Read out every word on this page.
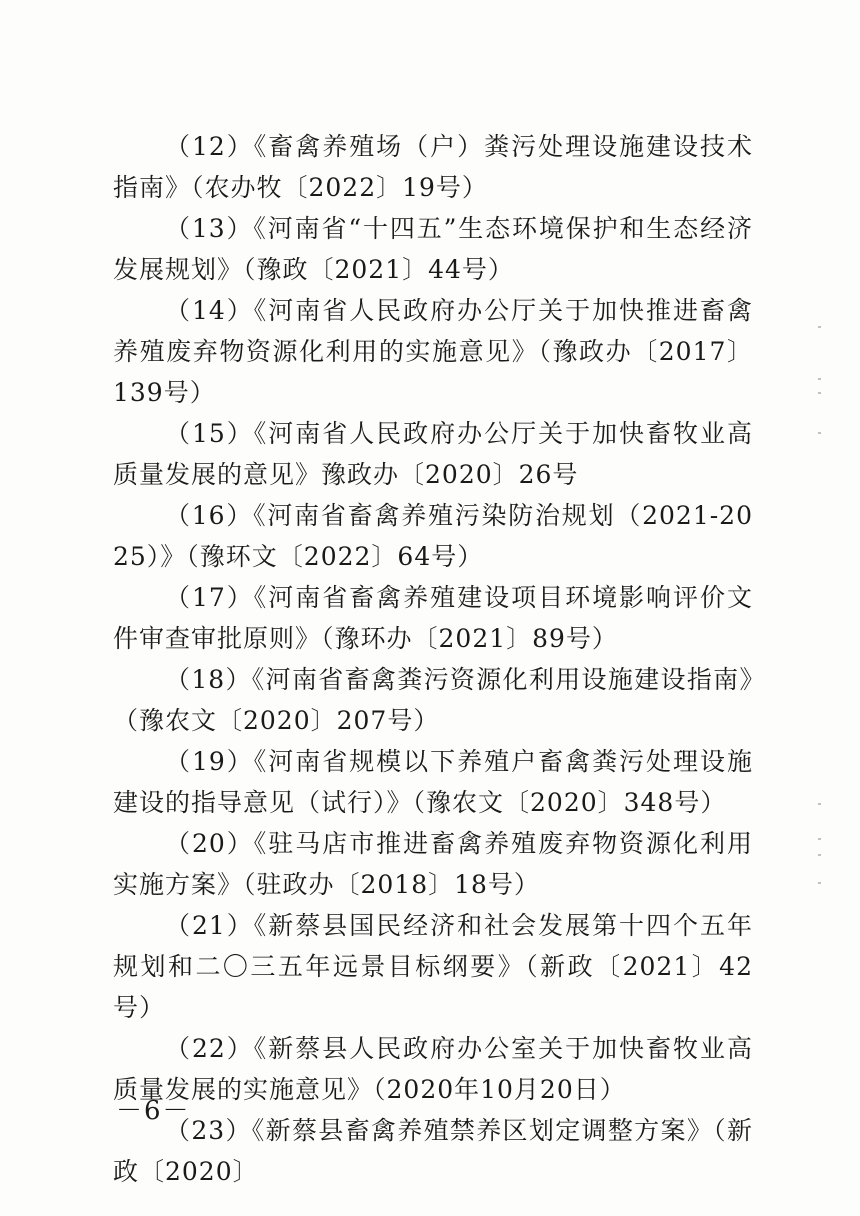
（12）《畜禽养殖场（户）粪污处理设施建设技术指南》（农办牧〔2022〕19号）

（13）《河南省“十四五”生态环境保护和生态经济发展规划》（豫政〔2021〕44号）

（14）《河南省人民政府办公厅关于加快推进畜禽养殖废弃物资源化利用的实施意见》（豫政办〔2017〕139号）

（15）《河南省人民政府办公厅关于加快畜牧业高质量发展的意见》豫政办〔2020〕26号

（16）《河南省畜禽养殖污染防治规划（2021-2025）》（豫环文〔2022〕64号）

（17）《河南省畜禽养殖建设项目环境影响评价文件审查审批原则》（豫环办〔2021〕89号）

（18）《河南省畜禽粪污资源化利用设施建设指南》（豫农文〔2020〕207号）

（19）《河南省规模以下养殖户畜禽粪污处理设施建设的指导意见（试行）》（豫农文〔2020〕348号）

（20）《驻马店市推进畜禽养殖废弃物资源化利用实施方案》（驻政办〔2018〕18号）

（21）《新蔡县国民经济和社会发展第十四个五年规划和二〇三五年远景目标纲要》（新政〔2021〕42号）

（22）《新蔡县人民政府办公室关于加快畜牧业高质量发展的实施意见》（2020年10月20日）

（23）《新蔡县畜禽养殖禁养区划定调整方案》（新政〔2020〕

－6－
